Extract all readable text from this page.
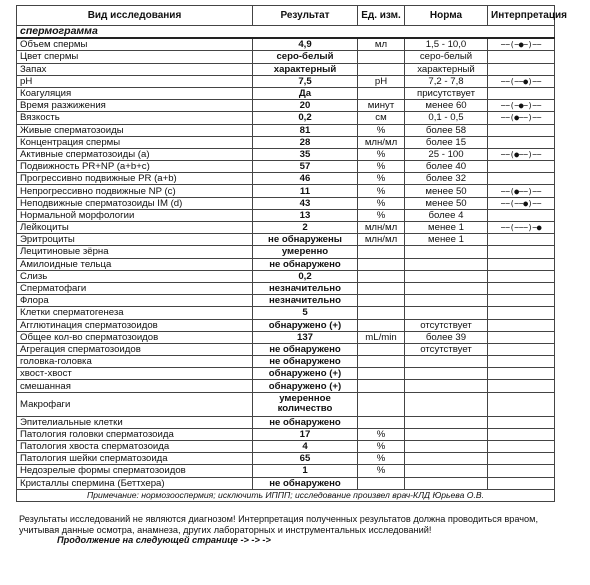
Вид исследования	Результат	Ед. изм.	Норма	Интерпретация
спермограмма				
Объем спермы	4,9	мл	1,5 - 10,0	−−(−●−)−−
Цвет спермы	серо-белый		серо-белый	
Запах	характерный		характерный	
pH	7,5	pH	7,2 - 7,8	−−(−−●)−−
Коагуляция	Да		присутствует	
Время разжижения	20	минут	менее 60	−−(−●−)−−
Вязкость	0,2	см	0,1 - 0,5	−−(●−−)−−
Живые сперматозоиды	81	%	более 58	
Концентрация спермы	28	млн/мл	более 15	
Активные сперматозоиды (a)	35	%	25 - 100	−−(●−−)−−
Подвижность PR+NP (a+b+c)	57	%	более 40	
Прогрессивно подвижные PR (a+b)	46	%	более 32	
Непрогрессивно подвижные NP (c)	11	%	менее 50	−−(●−−)−−
Неподвижные сперматозоиды IM (d)	43	%	менее 50	−−(−−●)−−
Нормальной морфологии	13	%	более 4	
Лейкоциты	2	млн/мл	менее 1	−−(−−−)−●
Эритроциты	не обнаружены	млн/мл	менее 1	
Лецитиновые зёрна	умеренно			
Амилоидные тельца	не обнаружено			
Слизь	0,2			
Сперматофаги	незначительно			
Флора	незначительно			
Клетки сперматогенеза	5			
Агглютинация сперматозоидов	обнаружено (+)		отсутствует	
Общее кол-во сперматозоидов	137	mL/min	более 39	
Агрегация сперматозоидов	не обнаружено		отсутствует	
головка-головка	не обнаружено			
хвост-хвост	обнаружено (+)			
смешанная	обнаружено (+)			
Макрофаги	умеренное количество			
Эпителиальные клетки	не обнаружено			
Патология головки сперматозоида	17	%		
Патология хвоста сперматозоида	4	%		
Патология шейки сперматозоида	65	%		
Недозрелые формы сперматозоидов	1	%		
Кристаллы спермина (Беттхера)	не обнаружено			
Примечание: нормозооспермия; исключить ИППП; исследование произвел врач-КЛД Юрьева О.В.				
Результаты исследований не являются диагнозом! Интерпретация полученных результатов должна проводиться врачом, учитывая данные осмотра, анамнеза, других лабораторных и инструментальных исследований!
Продолжение на следующей странице -> -> ->
